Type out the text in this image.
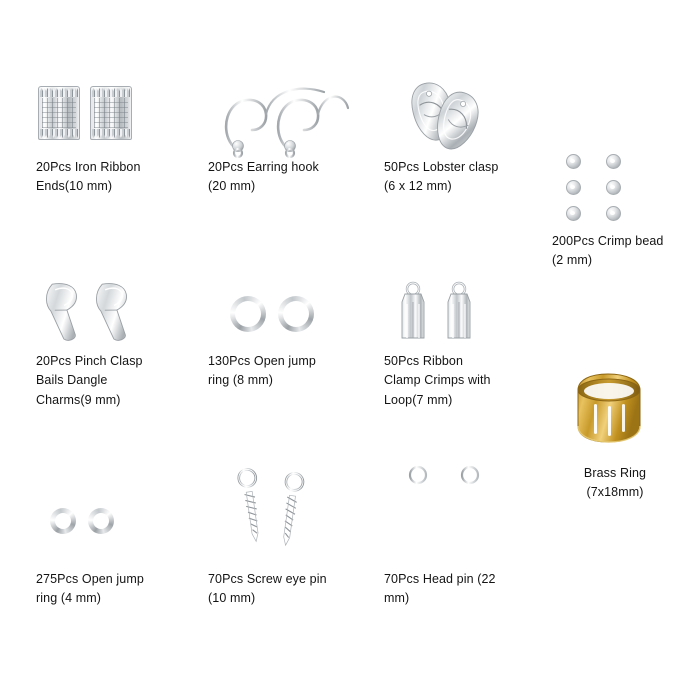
20Pcs Iron Ribbon
Ends(10 mm)
20Pcs Earring hook
(20 mm)
50Pcs Lobster clasp
(6 x 12 mm)
200Pcs Crimp bead
(2 mm)
20Pcs Pinch Clasp
Bails Dangle
Charms(9 mm)
130Pcs Open jump
ring (8 mm)
50Pcs Ribbon
Clamp Crimps with
Loop(7 mm)
Brass Ring
(7x18mm)
275Pcs Open jump
ring (4 mm)
70Pcs Screw eye pin
(10 mm)
70Pcs Head pin (22
mm)
